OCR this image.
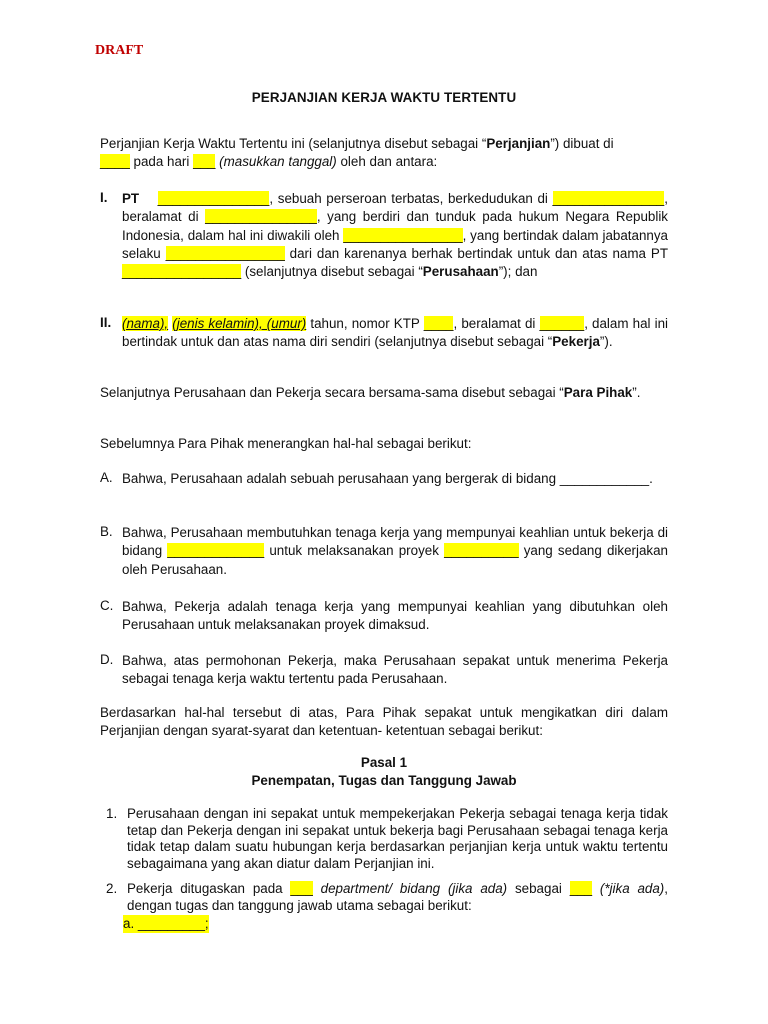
DRAFT
PERJANJIAN KERJA WAKTU TERTENTU

Perjanjian Kerja Waktu Tertentu ini (selanjutnya disebut sebagai “Perjanjian”) dibuat di
____ pada hari ___ (masukkan tanggal) oleh dan antara:

I. PT _______________, sebuah perseroan terbatas, berkedudukan di _______________, beralamat di _______________, yang berdiri dan tunduk pada hukum Negara Republik Indonesia, dalam hal ini diwakili oleh ________________, yang bertindak dalam jabatannya selaku ________________ dari dan karenanya berhak bertindak untuk dan atas nama PT ________________ (selanjutnya disebut sebagai “Perusahaan”); dan

II. (nama), (jenis kelamin), (umur) tahun, nomor KTP ____, beralamat di ______, dalam hal ini bertindak untuk dan atas nama diri sendiri (selanjutnya disebut sebagai “Pekerja”).

Selanjutnya Perusahaan dan Pekerja secara bersama-sama disebut sebagai “Para Pihak”.

Sebelumnya Para Pihak menerangkan hal-hal sebagai berikut:

A. Bahwa, Perusahaan adalah sebuah perusahaan yang bergerak di bidang ____________.

B. Bahwa, Perusahaan membutuhkan tenaga kerja yang mempunyai keahlian untuk bekerja di bidang _____________ untuk melaksanakan proyek __________ yang sedang dikerjakan oleh Perusahaan.

C. Bahwa, Pekerja adalah tenaga kerja yang mempunyai keahlian yang dibutuhkan oleh Perusahaan untuk melaksanakan proyek dimaksud.

D. Bahwa, atas permohonan Pekerja, maka Perusahaan sepakat untuk menerima Pekerja sebagai tenaga kerja waktu tertentu pada Perusahaan.

Berdasarkan hal-hal tersebut di atas, Para Pihak sepakat untuk mengikatkan diri dalam Perjanjian dengan syarat-syarat dan ketentuan- ketentuan sebagai berikut:

Pasal 1
Penempatan, Tugas dan Tanggung Jawab
1. Perusahaan dengan ini sepakat untuk mempekerjakan Pekerja sebagai tenaga kerja tidak tetap dan Pekerja dengan ini sepakat untuk bekerja bagi Perusahaan sebagai tenaga kerja tidak tetap dalam suatu hubungan kerja berdasarkan perjanjian kerja untuk waktu tertentu sebagaimana yang akan diatur dalam Perjanjian ini.

2. Pekerja ditugaskan pada ___ department/ bidang (jika ada) sebagai ___ (*jika ada), dengan tugas dan tanggung jawab utama sebagai berikut:

a. _________;
